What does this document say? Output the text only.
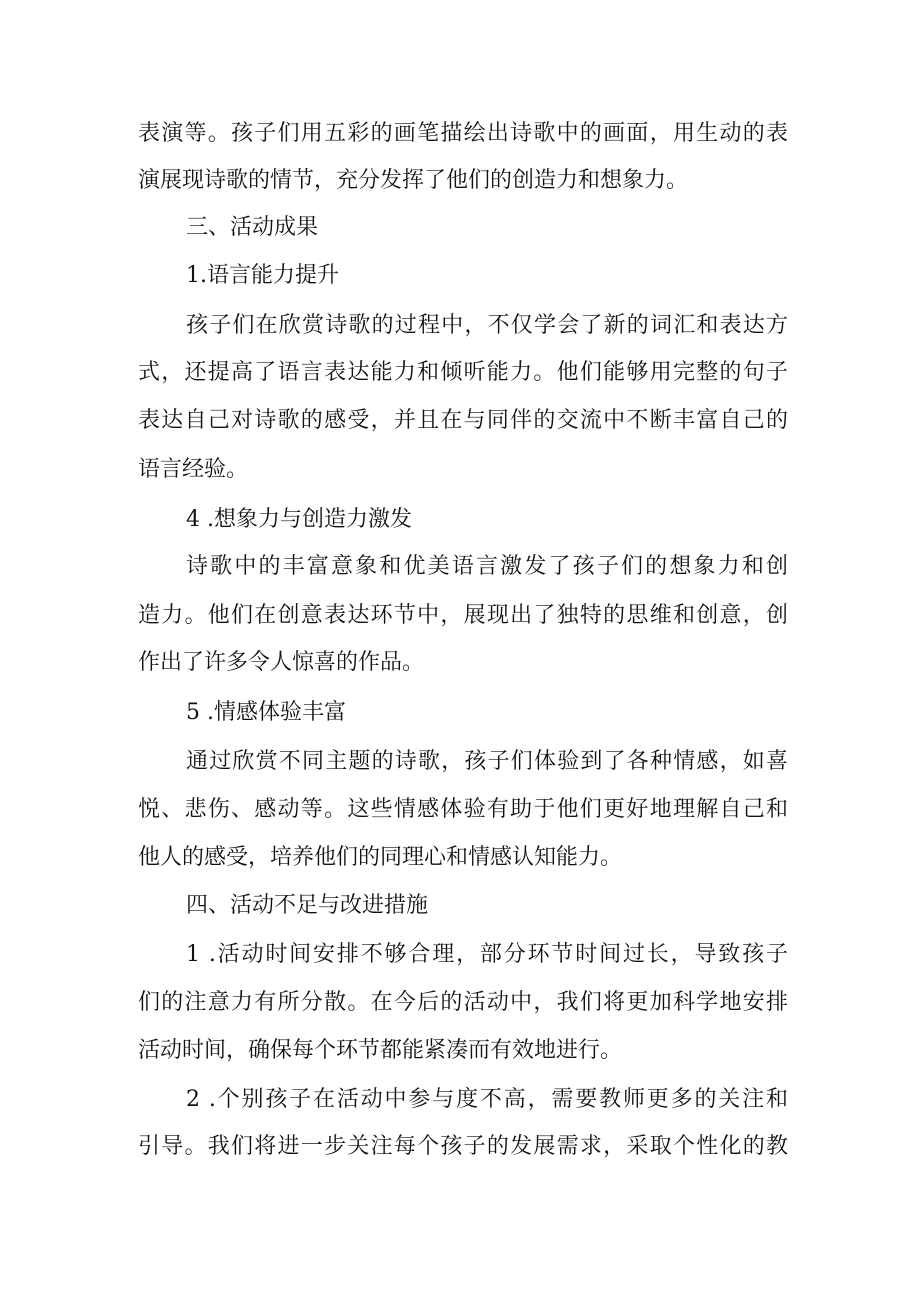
表演等。孩子们用五彩的画笔描绘出诗歌中的画面，用生动的表
演展现诗歌的情节，充分发挥了他们的创造力和想象力。
三、活动成果
1.语言能力提升
孩子们在欣赏诗歌的过程中，不仅学会了新的词汇和表达方
式，还提高了语言表达能力和倾听能力。他们能够用完整的句子
表达自己对诗歌的感受，并且在与同伴的交流中不断丰富自己的
语言经验。
4 .想象力与创造力激发
诗歌中的丰富意象和优美语言激发了孩子们的想象力和创
造力。他们在创意表达环节中，展现出了独特的思维和创意，创
作出了许多令人惊喜的作品。
5 .情感体验丰富
通过欣赏不同主题的诗歌，孩子们体验到了各种情感，如喜
悦、悲伤、感动等。这些情感体验有助于他们更好地理解自己和
他人的感受，培养他们的同理心和情感认知能力。
四、活动不足与改进措施
1 .活动时间安排不够合理，部分环节时间过长，导致孩子
们的注意力有所分散。在今后的活动中，我们将更加科学地安排
活动时间，确保每个环节都能紧凑而有效地进行。
2 .个别孩子在活动中参与度不高，需要教师更多的关注和
引导。我们将进一步关注每个孩子的发展需求，采取个性化的教
